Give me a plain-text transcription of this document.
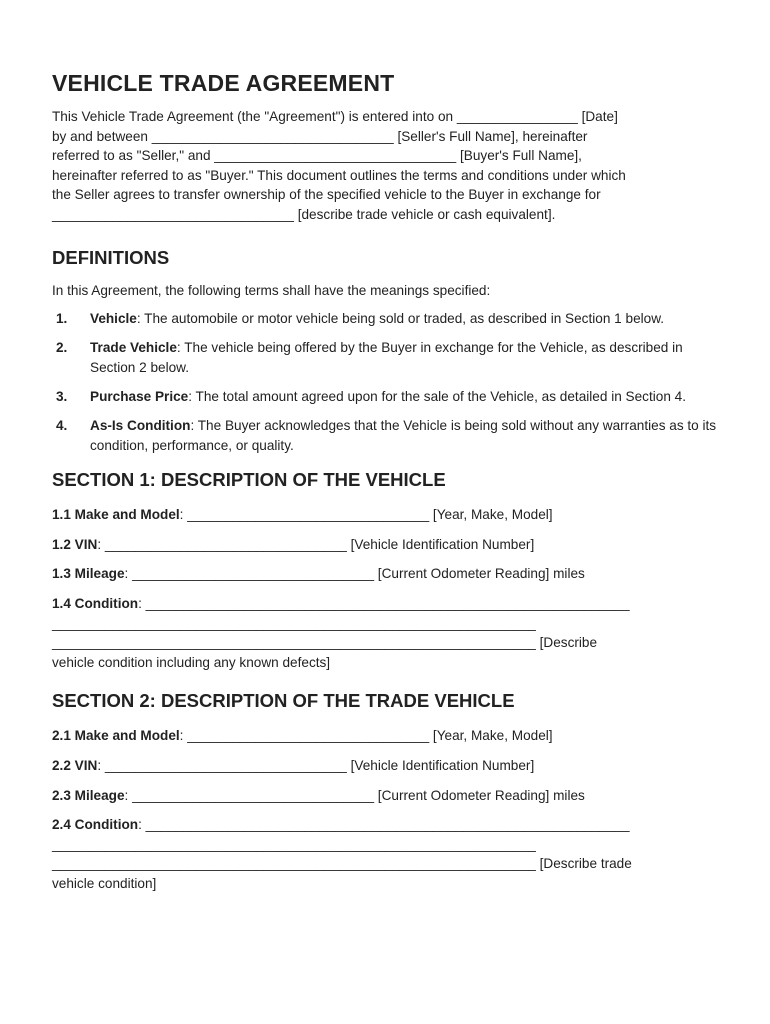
VEHICLE TRADE AGREEMENT
This Vehicle Trade Agreement (the "Agreement") is entered into on ________________ [Date]
by and between ________________________________ [Seller's Full Name], hereinafter
referred to as "Seller," and ________________________________ [Buyer's Full Name],
hereinafter referred to as "Buyer." This document outlines the terms and conditions under which
the Seller agrees to transfer ownership of the specified vehicle to the Buyer in exchange for
________________________________ [describe trade vehicle or cash equivalent].
DEFINITIONS
In this Agreement, the following terms shall have the meanings specified:
1. Vehicle: The automobile or motor vehicle being sold or traded, as described in Section 1 below.
2. Trade Vehicle: The vehicle being offered by the Buyer in exchange for the Vehicle, as described in Section 2 below.
3. Purchase Price: The total amount agreed upon for the sale of the Vehicle, as detailed in Section 4.
4. As-Is Condition: The Buyer acknowledges that the Vehicle is being sold without any warranties as to its condition, performance, or quality.
SECTION 1: DESCRIPTION OF THE VEHICLE
1.1 Make and Model: ________________________________ [Year, Make, Model]
1.2 VIN: ________________________________ [Vehicle Identification Number]
1.3 Mileage: ________________________________ [Current Odometer Reading] miles
1.4 Condition: ________________________________________________________________
________________________________________________________________
________________________________________________________________ [Describe
vehicle condition including any known defects]
SECTION 2: DESCRIPTION OF THE TRADE VEHICLE
2.1 Make and Model: ________________________________ [Year, Make, Model]
2.2 VIN: ________________________________ [Vehicle Identification Number]
2.3 Mileage: ________________________________ [Current Odometer Reading] miles
2.4 Condition: ________________________________________________________________
________________________________________________________________
________________________________________________________________ [Describe trade
vehicle condition]
